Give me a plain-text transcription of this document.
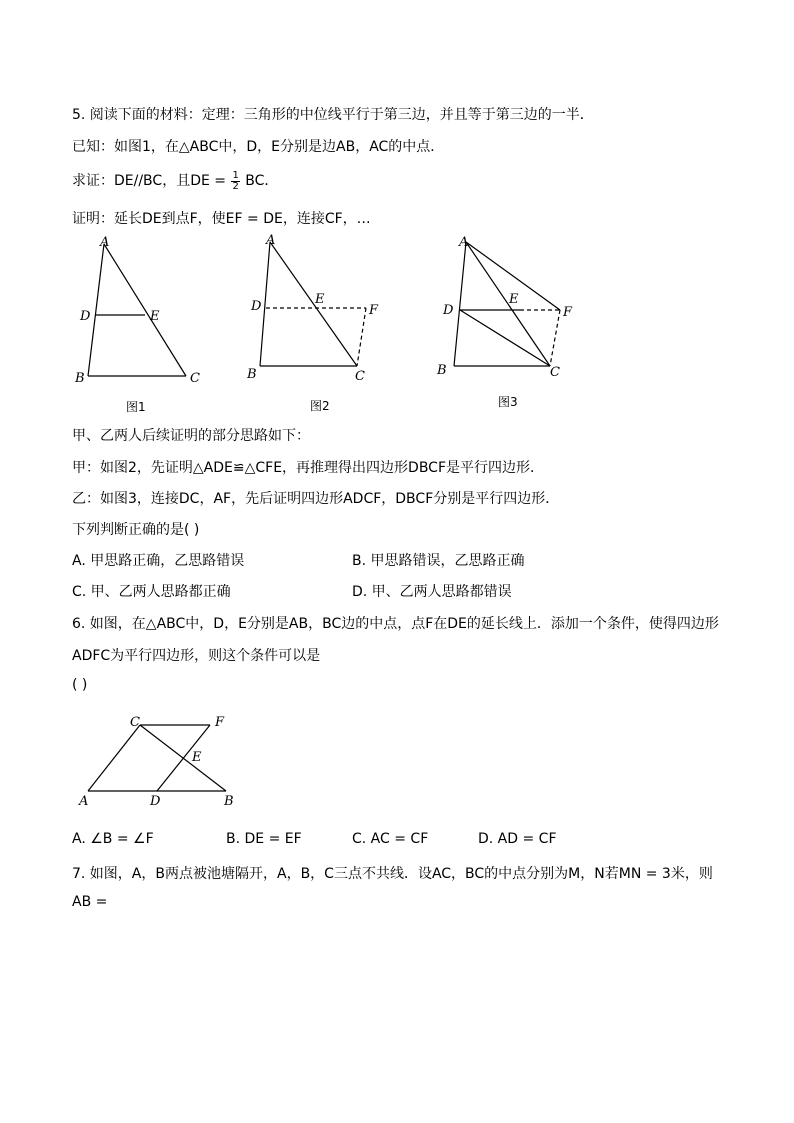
5. 阅读下面的材料：定理：三角形的中位线平行于第三边，并且等于第三边的一半．
已知：如图1，在△ABC中，D，E分别是边AB，AC的中点．
求证：DE//BC，且DE = $\frac{1}{2}$ BC．
证明：延长DE到点F，使EF = DE，连接CF，…
A
D	E
B	C
图1
A
D	E
F
B	C
图2
A
D
E
F
B	C
图3
甲、乙两人后续证明的部分思路如下：
甲：如图2，先证明△ADE≌△CFE，再推理得出四边形DBCF是平行四边形．
乙：如图3，连接DC，AF，先后证明四边形ADCF，DBCF分别是平行四边形．
下列判断正确的是( )
A. 甲思路正确，乙思路错误	B. 甲思路错误，乙思路正确
C. 甲、乙两人思路都正确	D. 甲、乙两人思路都错误
6. 如图，在△ABC中，D，E分别是AB，BC边的中点，点F在DE的延长线上．添加一个条件，使得四边形
ADFC为平行四边形，则这个条件可以是
( )
C	F
E
A	D	B
A. ∠B = ∠F	B. DE = EF	C. AC = CF	D. AD = CF
7. 如图，A，B两点被池塘隔开，A，B，C三点不共线．设AC，BC的中点分别为M，N若MN = 3米，则
AB =
